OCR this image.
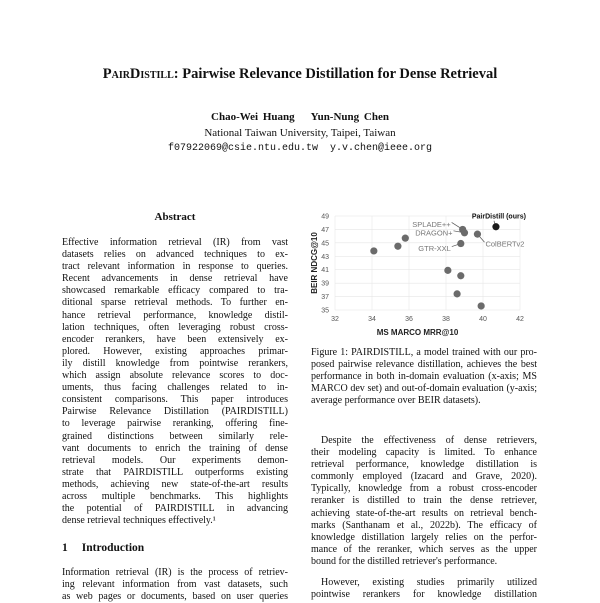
PairDistill: Pairwise Relevance Distillation for Dense Retrieval
Chao-Wei Huang Yun-Nung Chen
National Taiwan University, Taipei, Taiwan
f07922069@csie.ntu.edu.tw y.v.chen@ieee.org
Abstract
Effective information retrieval (IR) from vast
datasets relies on advanced techniques to ex-
tract relevant information in response to queries.
Recent advancements in dense retrieval have
showcased remarkable efficacy compared to tra-
ditional sparse retrieval methods. To further en-
hance retrieval performance, knowledge distil-
lation techniques, often leveraging robust cross-
encoder rerankers, have been extensively ex-
plored. However, existing approaches primar-
ily distill knowledge from pointwise rerankers,
which assign absolute relevance scores to doc-
uments, thus facing challenges related to in-
consistent comparisons. This paper introduces
Pairwise Relevance Distillation (PAIRDISTILL)
to leverage pairwise reranking, offering fine-
grained distinctions between similarly rele-
vant documents to enrich the training of dense
retrieval models. Our experiments demon-
strate that PAIRDISTILL outperforms existing
methods, achieving new state-of-the-art results
across multiple benchmarks. This highlights
the potential of PAIRDISTILL in advancing
dense retrieval techniques effectively.¹
1 Introduction
Information retrieval (IR) is the process of retriev-
ing relevant information from vast datasets, such
as web pages or documents, based on user queries
32	34	36	38	40	42
35
37
39
41
43
45
47
49
MS MARCO MRR@10
BEIR NDCG@10	GTR-XXL
SPLADE++
DRAGON+
ColBERTv2
PairDistill (ours)
Figure 1: PAIRDISTILL, a model trained with our pro-
posed pairwise relevance distillation, achieves the best
performance in both in-domain evaluation (x-axis; MS
MARCO dev set) and out-of-domain evaluation (y-axis;
average performance over BEIR datasets).
Despite the effectiveness of dense retrievers,
their modeling capacity is limited. To enhance
retrieval performance, knowledge distillation is
commonly employed (Izacard and Grave, 2020).
Typically, knowledge from a robust cross-encoder
reranker is distilled to train the dense retriever,
achieving state-of-the-art results on retrieval bench-
marks (Santhanam et al., 2022b). The efficacy of
knowledge distillation largely relies on the perfor-
mance of the reranker, which serves as the upper
bound for the distilled retriever's performance.
However, existing studies primarily utilized
pointwise rerankers for knowledge distillation
